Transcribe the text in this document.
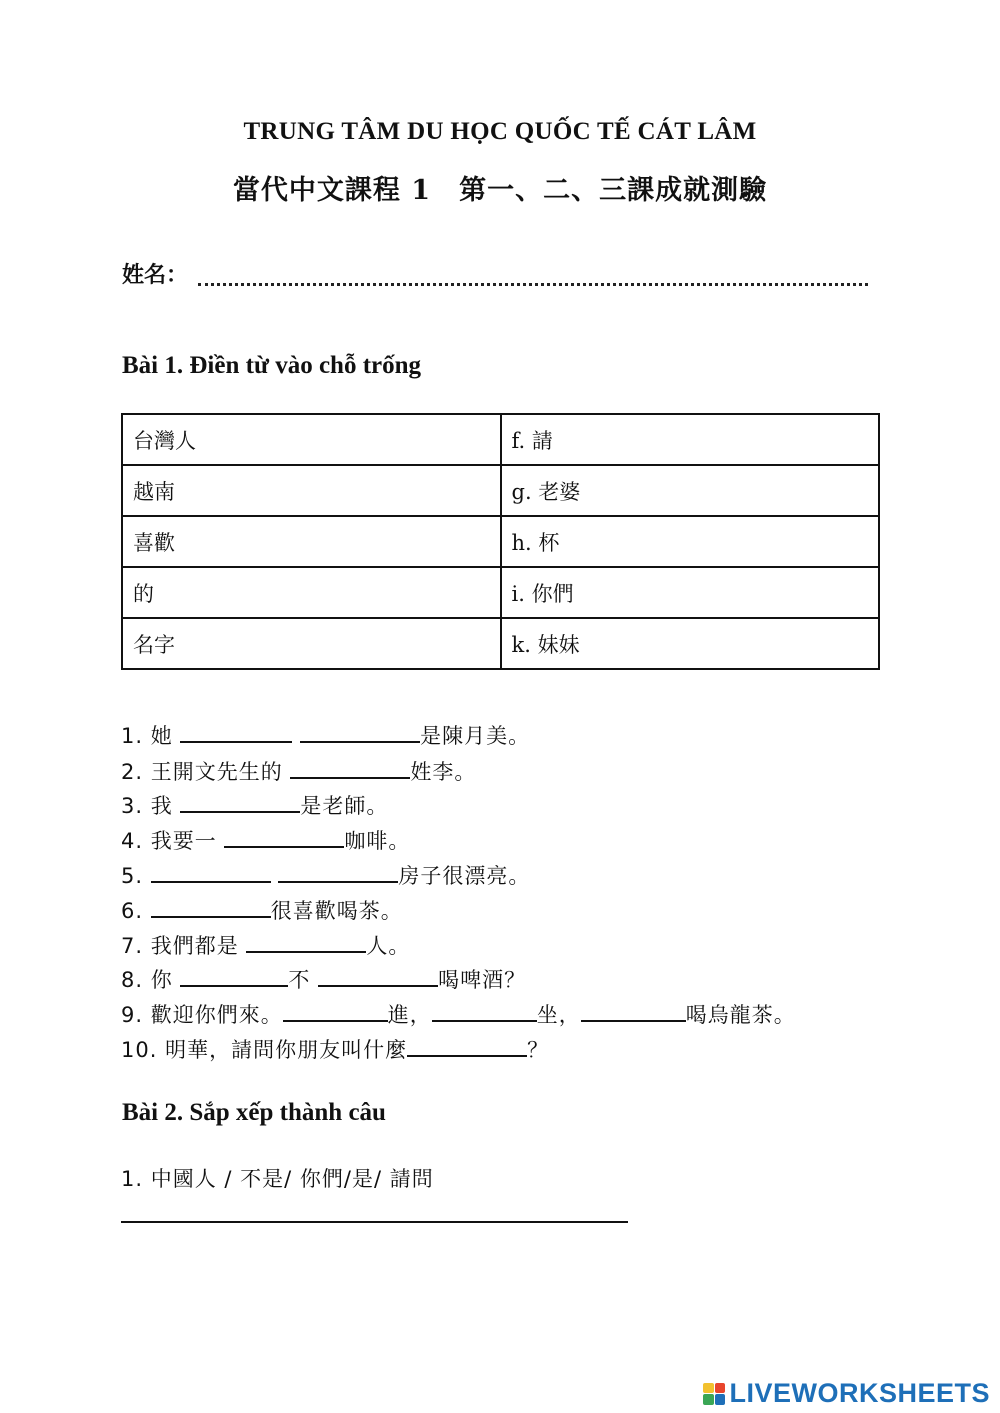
TRUNG TÂM DU HỌC QUỐC TẾ CÁT LÂM
當代中文課程 1　第一、二、三課成就測驗
姓名：
Bài 1. Điền từ vào chỗ trống
台灣人	f. 請
越南	g. 老婆
喜歡	h. 杯
的	i. 你們
名字	k. 妹妹
1. 她	是陳月美。
2. 王開文先生的	姓李。
3. 我	是老師。
4. 我要一	咖啡。
5.	房子很漂亮。
6.	很喜歡喝茶。
7. 我們都是	人。
8. 你	不	喝啤酒？
9. 歡迎你們來。	進，	坐，	喝烏龍茶。
10. 明華，請問你朋友叫什麼	？
Bài 2. Sắp xếp thành câu
1. 中國人 / 不是/ 你們/是/ 請問
LIVEWORKSHEETS
